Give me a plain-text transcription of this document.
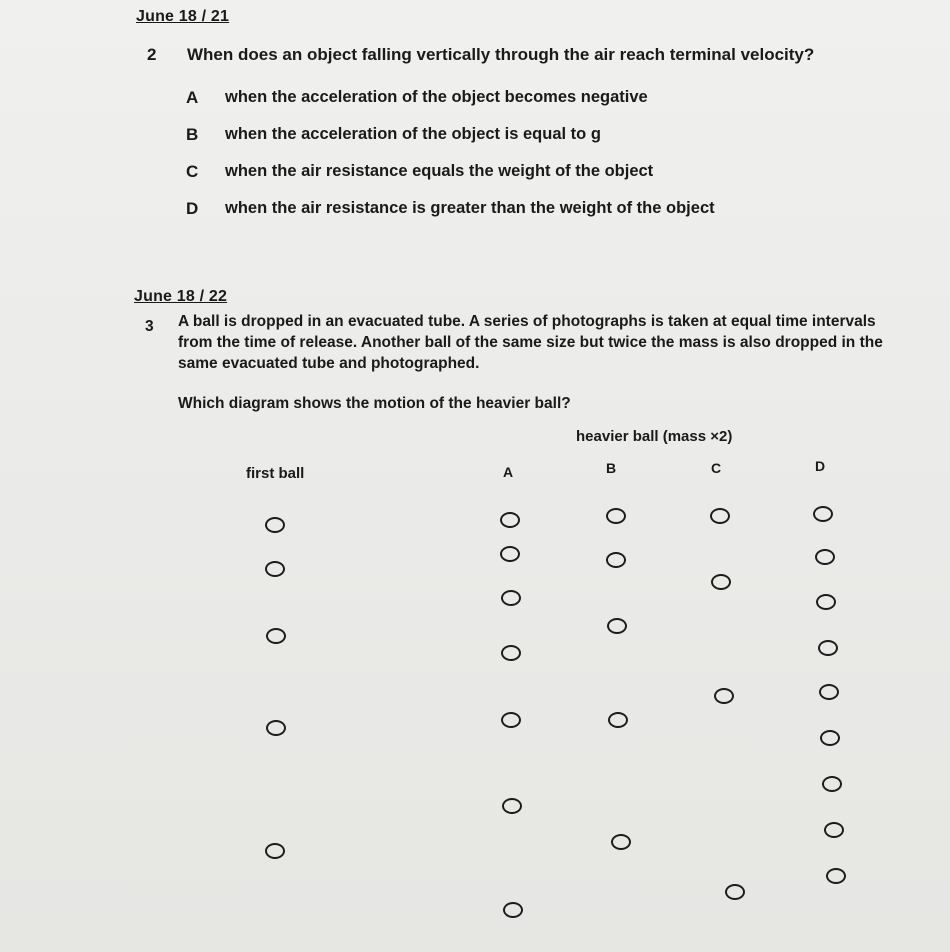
June 18 / 21
2 When does an object falling vertically through the air reach terminal velocity?
A when the acceleration of the object becomes negative
B when the acceleration of the object is equal to g
C when the air resistance equals the weight of the object
D when the air resistance is greater than the weight of the object
June 18 / 22
3 A ball is dropped in an evacuated tube. A series of photographs is taken at equal time intervals
from the time of release. Another ball of the same size but twice the mass is also dropped in the
same evacuated tube and photographed.
Which diagram shows the motion of the heavier ball?
heavier ball (mass ×2)
first ball	A	B	C	D
